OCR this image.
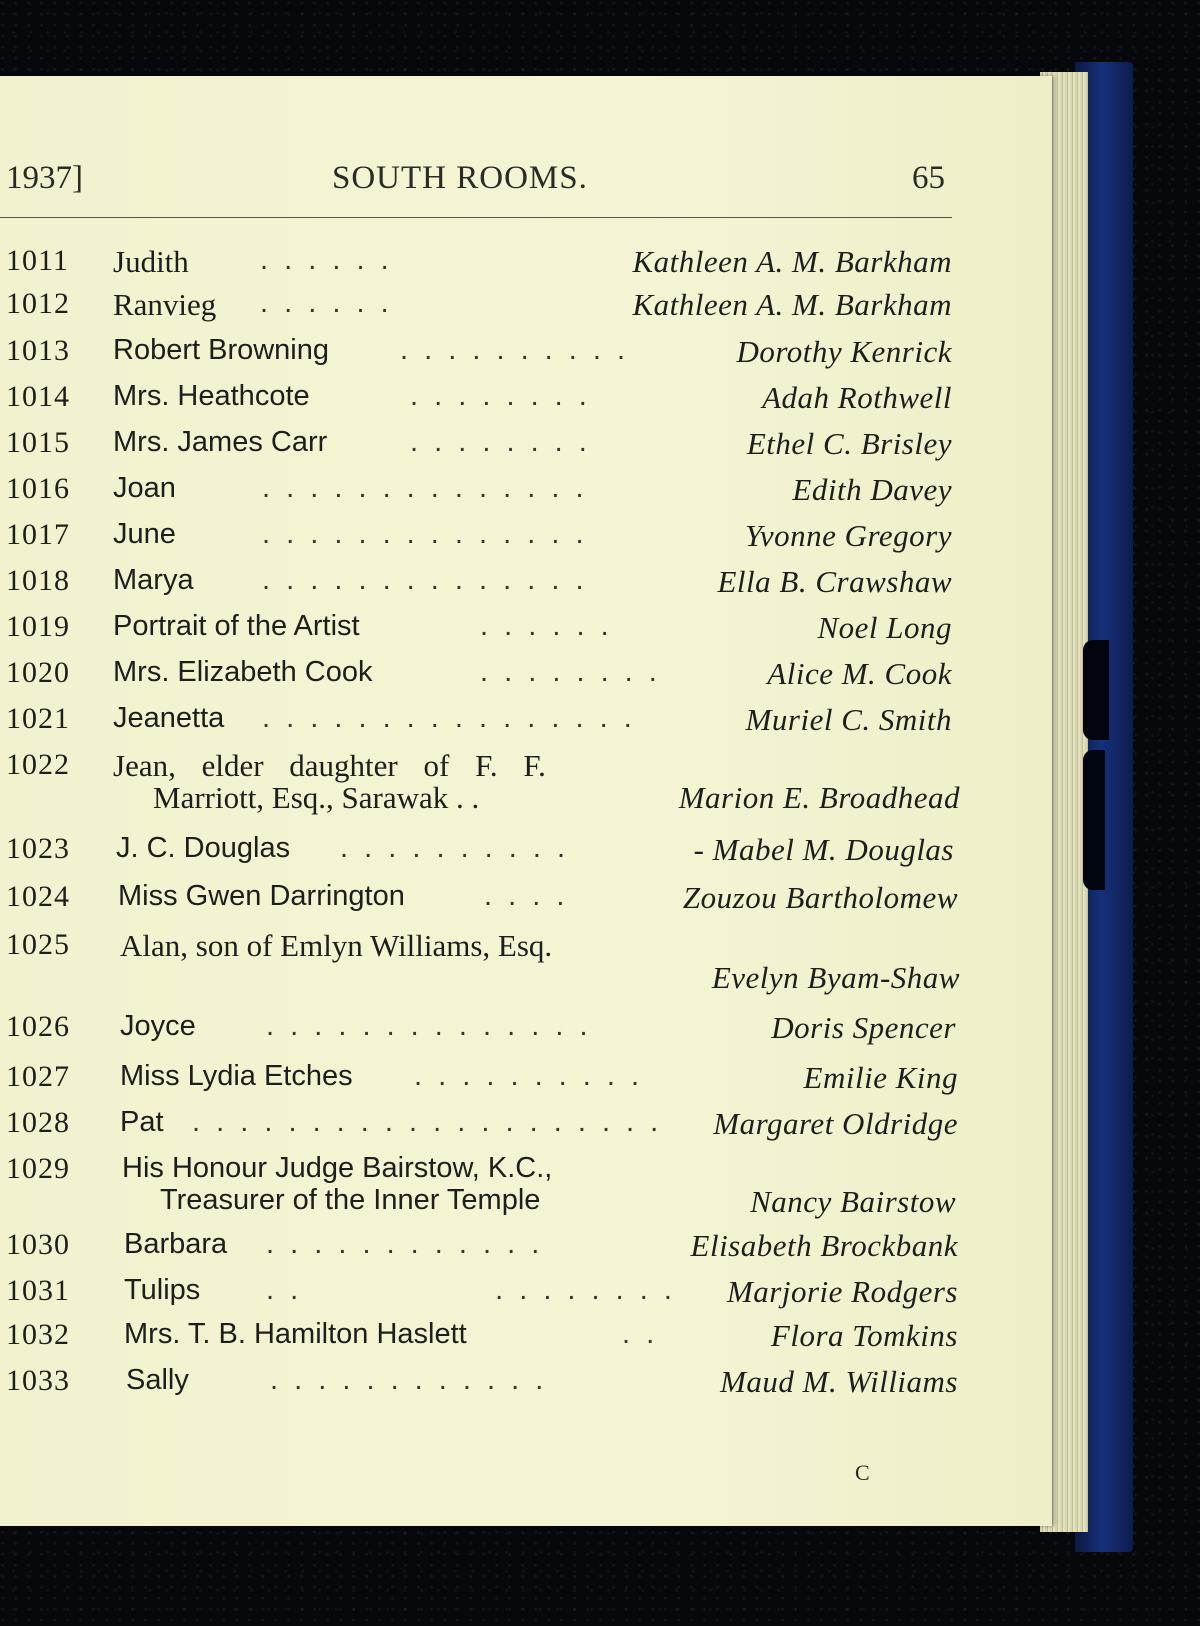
1937]	SOUTH ROOMS.	65
1011 Judith . . . . . .	Kathleen A. M. Barkham
1012 Ranvieg . . . . . .	Kathleen A. M. Barkham
1013 Robert Browning . . . . . . . . . .	Dorothy Kenrick
1014 Mrs. Heathcote	. . . . . . . .	Adah Rothwell
1015 Mrs. James Carr	. . . . . . . .	Ethel C. Brisley
1016 Joan	. . . . . . . . . . . . . .	Edith Davey
1017 June	. . . . . . . . . . . . . .	Yvonne Gregory
1018 Marya . . . . . . . . . . . . . .	Ella B. Crawshaw
1019 Portrait of the Artist	. . . . . .	Noel Long
1020 Mrs. Elizabeth Cook	. . . . . . . .	Alice M. Cook
1021 Jeanetta . . . . . . . . . . . . . . . .	Muriel C. Smith
1022 Jean, elder daughter of F. F.
Marriott, Esq., Sarawak . .	Marion E. Broadhead
1023 J. C. Douglas . . . . . . . . . .	- Mabel M. Douglas
1024 Miss Gwen Darrington	. . . .	Zouzou Bartholomew
1025 Alan, son of Emlyn Williams, Esq.
Evelyn Byam-Shaw
1026 Joyce . . . . . . . . . . . . . .	Doris Spencer
1027 Miss Lydia Etches . . . . . . . . . .	Emilie King
1028 Pat . . . . . . . . . . . . . . . . . . . . Margaret Oldridge
1029 His Honour Judge Bairstow, K.C.,
Treasurer of the Inner Temple	Nancy Bairstow
1030 Barbara . . . . . . . . . . . .	Elisabeth Brockbank
1031 Tulips . .                . . . . . . . . Marjorie Rodgers
1032 Mrs. T. B. Hamilton Haslett	. .	Flora Tomkins
1033 Sally	. . . . . . . . . . . .	Maud M. Williams
C
